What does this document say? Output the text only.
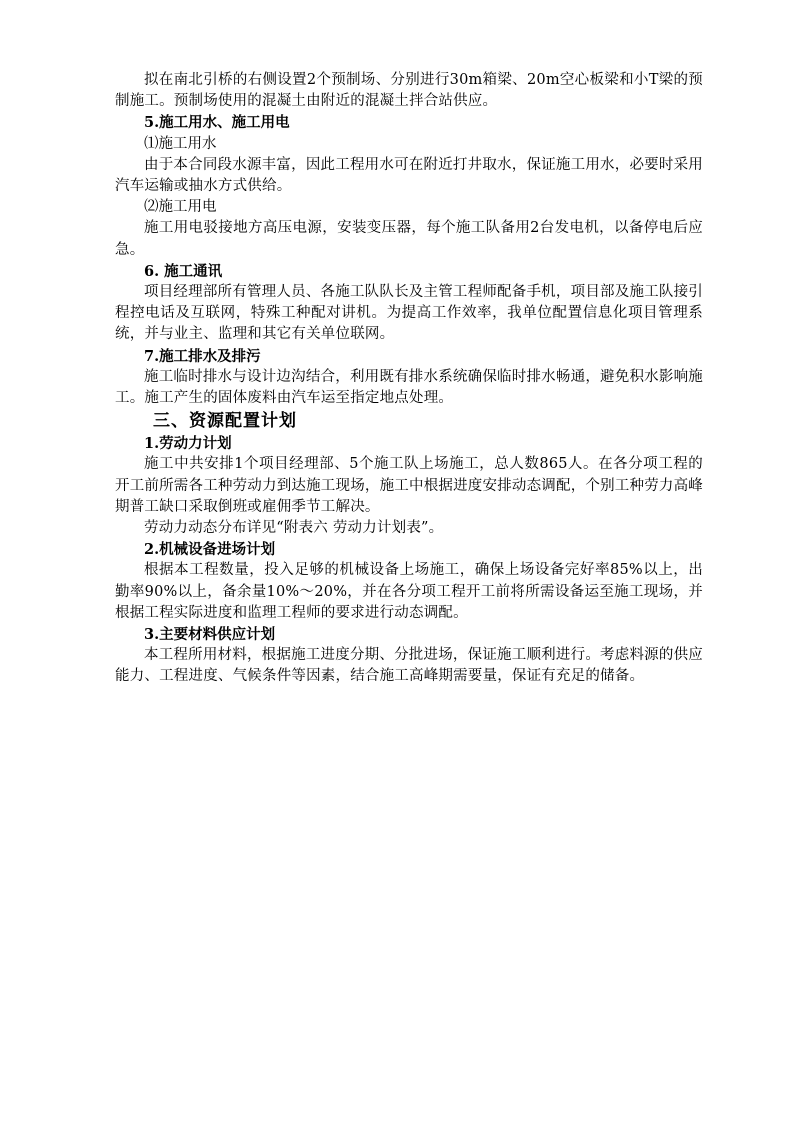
拟在南北引桥的右侧设置2个预制场、分别进行30m箱梁、20m空心板梁和小T梁的预制施工。预制场使用的混凝土由附近的混凝土拌合站供应。

5.施工用水、施工用电

⑴施工用水

由于本合同段水源丰富，因此工程用水可在附近打井取水，保证施工用水，必要时采用汽车运输或抽水方式供给。

⑵施工用电

施工用电驳接地方高压电源，安装变压器，每个施工队备用2台发电机，以备停电后应急。

6. 施工通讯

项目经理部所有管理人员、各施工队队长及主管工程师配备手机，项目部及施工队接引程控电话及互联网，特殊工种配对讲机。为提高工作效率，我单位配置信息化项目管理系统，并与业主、监理和其它有关单位联网。

7.施工排水及排污

施工临时排水与设计边沟结合，利用既有排水系统确保临时排水畅通，避免积水影响施工。施工产生的固体废料由汽车运至指定地点处理。

三、资源配置计划

1.劳动力计划

施工中共安排1个项目经理部、5个施工队上场施工，总人数865人。在各分项工程的开工前所需各工种劳动力到达施工现场，施工中根据进度安排动态调配，个别工种劳力高峰期普工缺口采取倒班或雇佣季节工解决。

劳动力动态分布详见“附表六 劳动力计划表”。

2.机械设备进场计划

根据本工程数量，投入足够的机械设备上场施工，确保上场设备完好率85%以上，出勤率90%以上，备余量10%～20%，并在各分项工程开工前将所需设备运至施工现场，并根据工程实际进度和监理工程师的要求进行动态调配。

3.主要材料供应计划

本工程所用材料，根据施工进度分期、分批进场，保证施工顺利进行。考虑料源的供应能力、工程进度、气候条件等因素，结合施工高峰期需要量，保证有充足的储备。
